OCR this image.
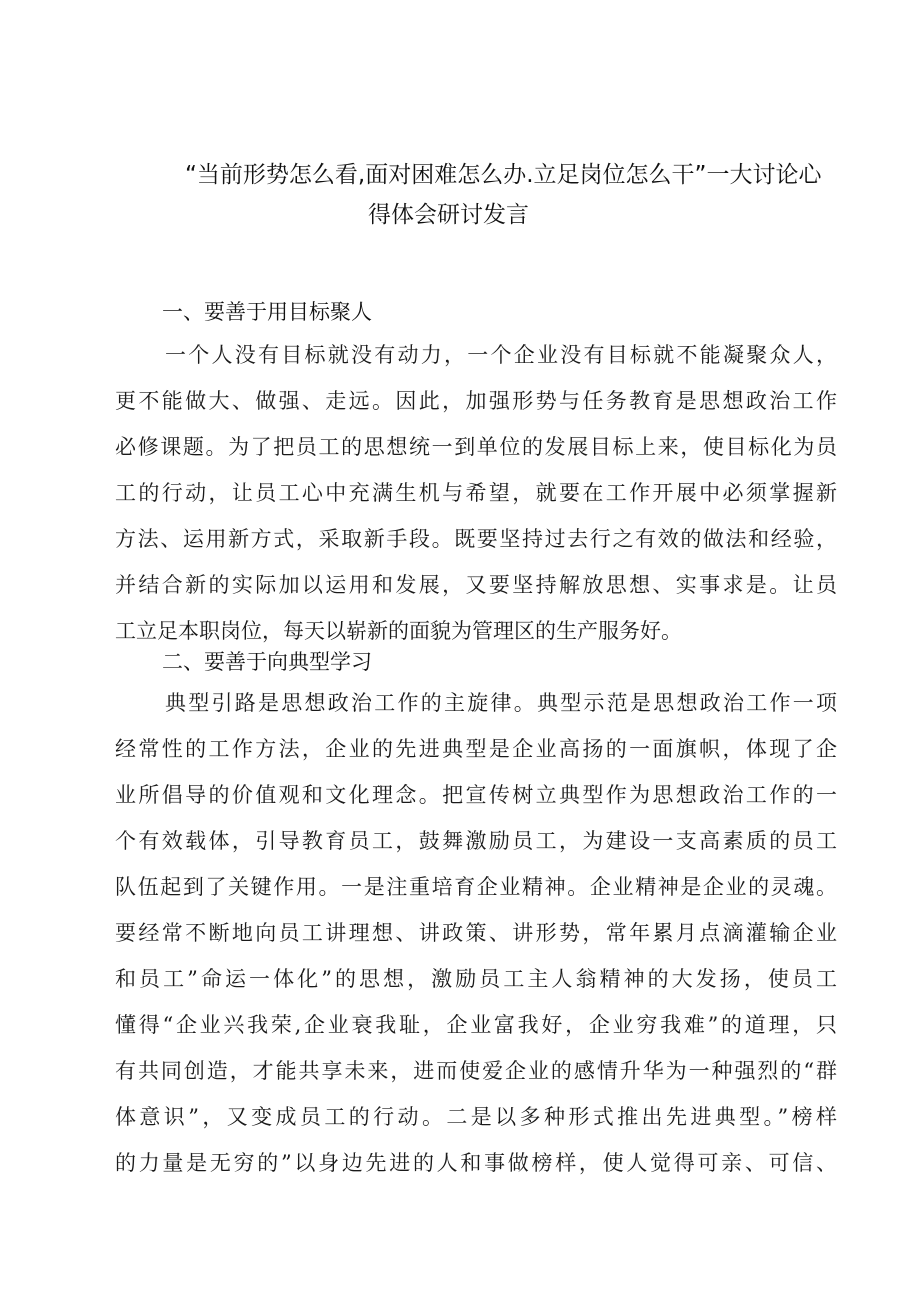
“当前形势怎么看,面对困难怎么办.立足岗位怎么干”一大讨论心
得体会研讨发言
一、要善于用目标聚人
一个人没有目标就没有动力，一个企业没有目标就不能凝聚众人，
更不能做大、做强、走远。因此，加强形势与任务教育是思想政治工作
必修课题。为了把员工的思想统一到单位的发展目标上来，使目标化为员
工的行动，让员工心中充满生机与希望，就要在工作开展中必须掌握新
方法、运用新方式，采取新手段。既要坚持过去行之有效的做法和经验，
并结合新的实际加以运用和发展，又要坚持解放思想、实事求是。让员
工立足本职岗位，每天以崭新的面貌为管理区的生产服务好。
二、要善于向典型学习
典型引路是思想政治工作的主旋律。典型示范是思想政治工作一项
经常性的工作方法，企业的先进典型是企业高扬的一面旗帜，体现了企
业所倡导的价值观和文化理念。把宣传树立典型作为思想政治工作的一
个有效载体，引导教育员工，鼓舞激励员工，为建设一支高素质的员工
队伍起到了关键作用。一是注重培育企业精神。企业精神是企业的灵魂。
要经常不断地向员工讲理想、讲政策、讲形势，常年累月点滴灌输企业
和员工”命运一体化”的思想，激励员工主人翁精神的大发扬，使员工
懂得“企业兴我荣,企业衰我耻，企业富我好，企业穷我难”的道理，只
有共同创造，才能共享未来，进而使爱企业的感情升华为一种强烈的“群
体意识”，又变成员工的行动。二是以多种形式推出先进典型。”榜样
的力量是无穷的”以身边先进的人和事做榜样，使人觉得可亲、可信、
